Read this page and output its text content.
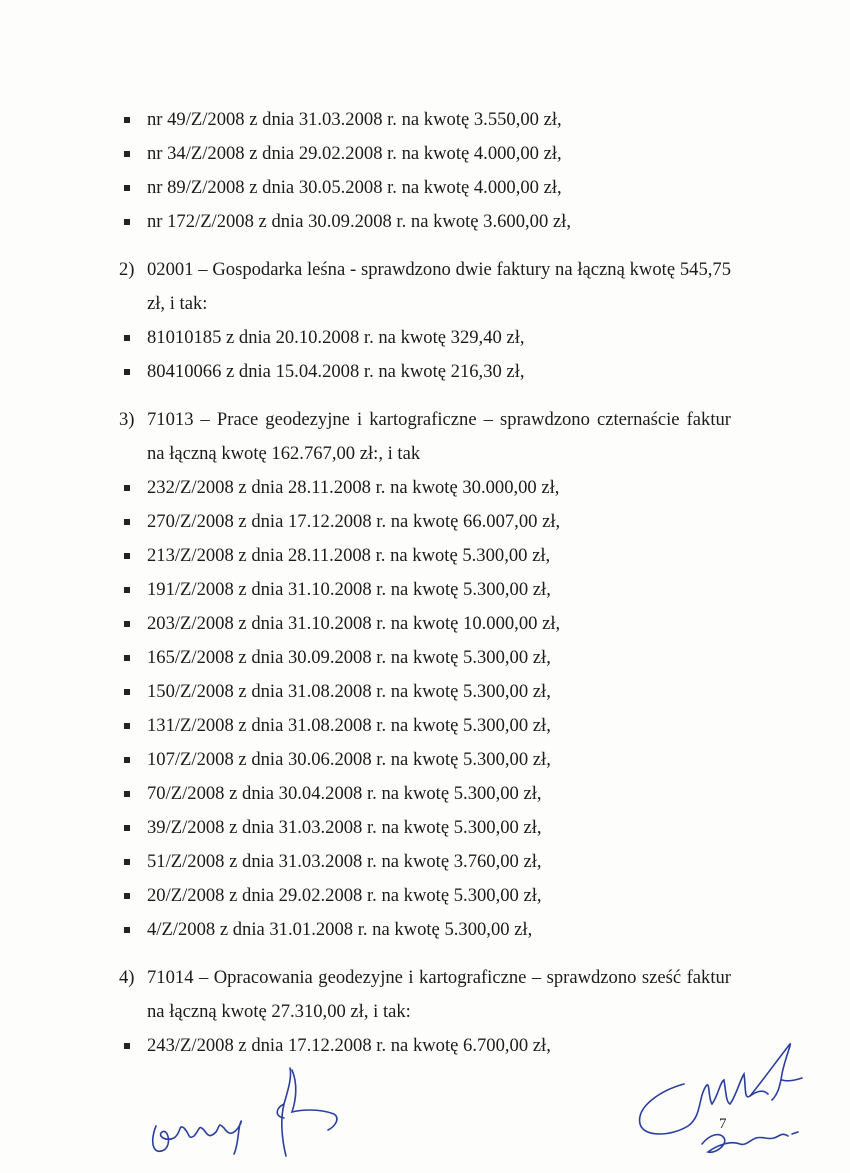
nr 49/Z/2008 z dnia 31.03.2008 r. na kwotę 3.550,00 zł,
nr 34/Z/2008 z dnia 29.02.2008 r. na kwotę 4.000,00 zł,
nr 89/Z/2008 z dnia 30.05.2008 r. na kwotę 4.000,00 zł,
nr 172/Z/2008 z dnia 30.09.2008 r. na kwotę 3.600,00 zł,
2) 02001 – Gospodarka leśna - sprawdzono dwie faktury na łączną kwotę 545,75 zł, i tak:
81010185 z dnia 20.10.2008 r. na kwotę 329,40 zł,
80410066 z dnia 15.04.2008 r. na kwotę 216,30 zł,
3) 71013 – Prace geodezyjne i kartograficzne – sprawdzono czternaście faktur na łączną kwotę 162.767,00 zł:, i tak
232/Z/2008 z dnia 28.11.2008 r. na kwotę 30.000,00 zł,
270/Z/2008 z dnia 17.12.2008 r. na kwotę 66.007,00 zł,
213/Z/2008 z dnia 28.11.2008 r. na kwotę 5.300,00 zł,
191/Z/2008 z dnia 31.10.2008 r. na kwotę 5.300,00 zł,
203/Z/2008 z dnia 31.10.2008 r. na kwotę 10.000,00 zł,
165/Z/2008 z dnia 30.09.2008 r. na kwotę 5.300,00 zł,
150/Z/2008 z dnia 31.08.2008 r. na kwotę 5.300,00 zł,
131/Z/2008 z dnia 31.08.2008 r. na kwotę 5.300,00 zł,
107/Z/2008 z dnia 30.06.2008 r. na kwotę 5.300,00 zł,
70/Z/2008 z dnia 30.04.2008 r. na kwotę 5.300,00 zł,
39/Z/2008 z dnia 31.03.2008 r. na kwotę 5.300,00 zł,
51/Z/2008 z dnia 31.03.2008 r. na kwotę 3.760,00 zł,
20/Z/2008 z dnia 29.02.2008 r. na kwotę 5.300,00 zł,
4/Z/2008 z dnia 31.01.2008 r. na kwotę 5.300,00 zł,
4) 71014 – Opracowania geodezyjne i kartograficzne – sprawdzono sześć faktur na łączną kwotę 27.310,00 zł, i tak:
243/Z/2008 z dnia 17.12.2008 r. na kwotę 6.700,00 zł,
7
